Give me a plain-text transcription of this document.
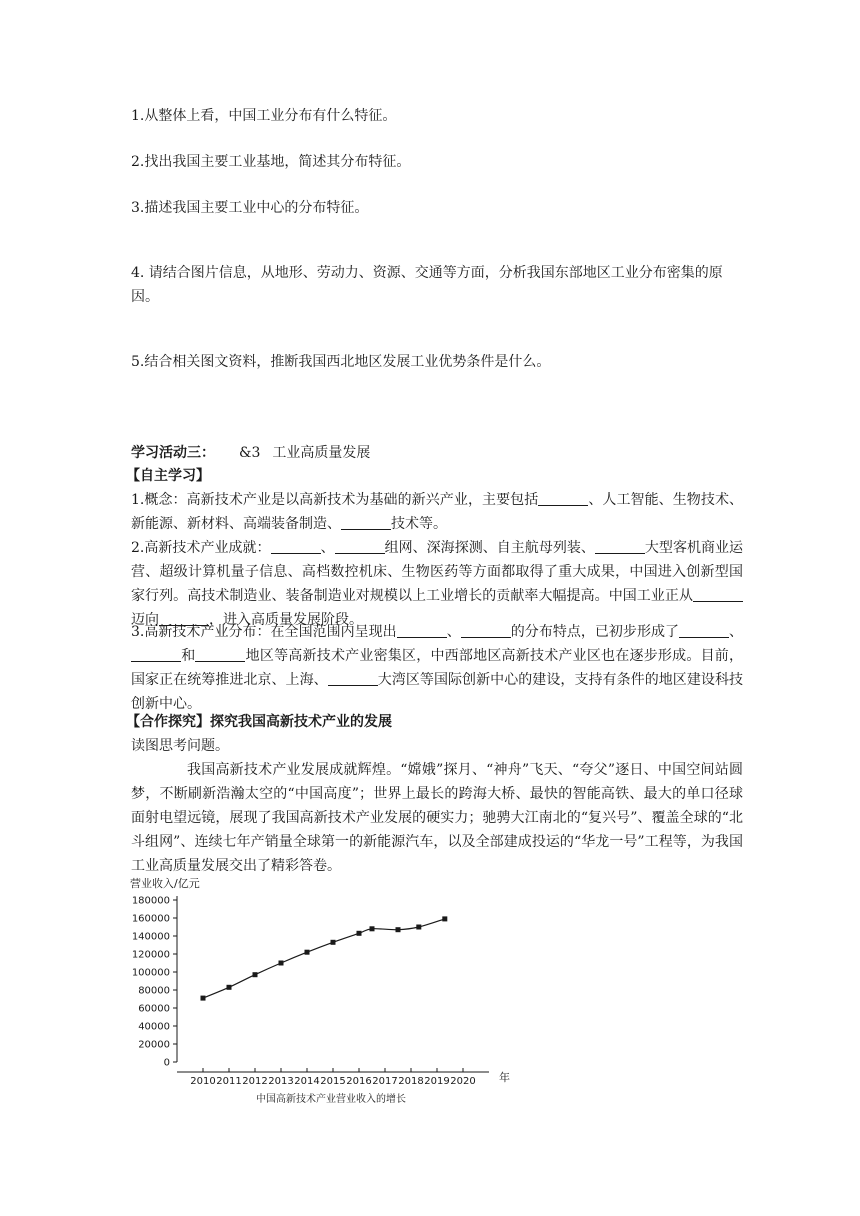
1.从整体上看，中国工业分布有什么特征。
2.找出我国主要工业基地，简述其分布特征。
3.描述我国主要工业中心的分布特征。
4. 请结合图片信息，从地形、劳动力、资源、交通等方面，分析我国东部地区工业分布密集的原因。
5.结合相关图文资料，推断我国西北地区发展工业优势条件是什么。
学习活动三： &3 工业高质量发展
【自主学习】
1.概念：高新技术产业是以高新技术为基础的新兴产业，主要包括	、人工智能、生物技术、新能源、新材料、高端装备制造、	技术等。
2.高新技术产业成就：	、	组网、深海探测、自主航母列装、	大型客机商业运营、超级计算机量子信息、高档数控机床、生物医药等方面都取得了重大成果，中国进入创新型国家行列。高技术制造业、装备制造业对规模以上工业增长的贡献率大幅提高。中国工业正从迈向	，进入高质量发展阶段。
3.高新技术产业分布：在全国范围内呈现出	、	的分布特点，已初步形成了	、和	地区等高新技术产业密集区，中西部地区高新技术产业区也在逐步形成。目前，国家正在统筹推进北京、上海、	大湾区等国际创新中心的建设，支持有条件的地区建设科技创新中心。
【合作探究】探究我国高新技术产业的发展
读图思考问题。
我国高新技术产业发展成就辉煌。“嫦娥”探月、“神舟”飞天、“夸父”逐日、中国空间站圆梦，不断刷新浩瀚太空的“中国高度”；世界上最长的跨海大桥、最快的智能高铁、最大的单口径球面射电望远镜，展现了我国高新技术产业发展的硬实力；驰骋大江南北的“复兴号”、覆盖全球的“北斗组网”、连续七年产销量全球第一的新能源汽车，以及全部建成投运的“华龙一号”工程等，为我国工业高质量发展交出了精彩答卷。
营业收入/亿元
0
20000
40000
60000
80000
100000
120000
140000
160000
180000
2010 2011 2012 2013 2014 2015 2016 2017 2018 2019 2020 年
中国高新技术产业营业收入的增长
